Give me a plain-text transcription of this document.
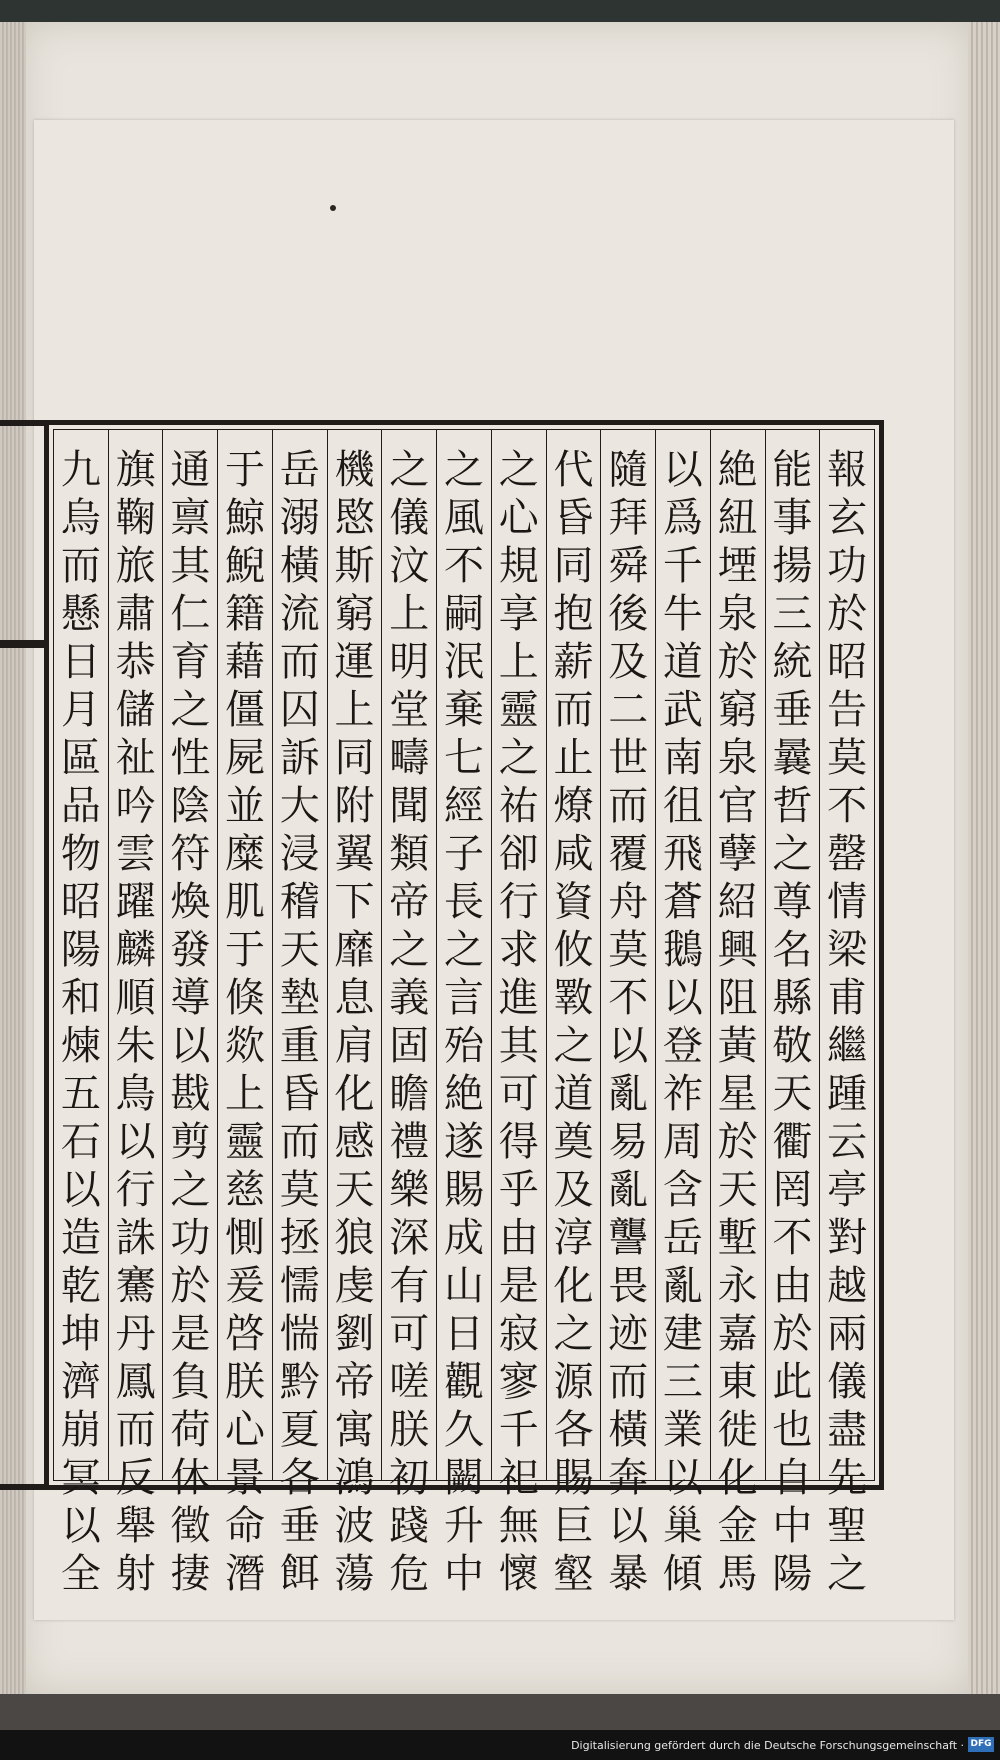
報
玄
功
於
昭
告
莫
不
罄
情
梁
甫
繼
踵
云
亭
對
越
兩
儀
盡
先
聖
之
能
事
揚
三
統
垂
曩
哲
之
尊
名
縣
敬
天
衢
罔
不
由
於
此
也
自
中
陽
絶
紐
堙
泉
於
窮
泉
官
孽
紹
興
阻
黃
星
於
天
塹
永
嘉
東
徙
化
金
馬
以
爲
千
牛
道
武
南
徂
飛
蒼
鵝
以
登
祚
周
含
岳
亂
建
三
業
以
巢
傾
隨
拜
舜
後
及
二
世
而
覆
舟
莫
不
以
亂
易
亂
讋
畏
迹
而
橫
奔
以
暴
代
昏
同
抱
薪
而
止
燎
咸
資
攸
斁
之
道
奠
及
淳
化
之
源
各
賜
巨
壑
之
心
規
享
上
靈
之
祐
卻
行
求
進
其
可
得
乎
由
是
寂
寥
千
祀
無
懷
之
風
不
嗣
泯
棄
七
經
子
長
之
言
殆
絶
遂
賜
成
山
日
觀
久
闕
升
中
之
儀
汶
上
明
堂
疇
聞
類
帝
之
義
固
瞻
禮
樂
深
有
可
嗟
朕
初
踐
危
機
愍
斯
窮
運
上
同
附
翼
下
靡
息
肩
化
感
天
狼
虔
劉
帝
寓
鴻
波
蕩
岳
溺
橫
流
而
囚
訴
大
浸
稽
天
墊
重
昏
而
莫
拯
懦
惴
黔
夏
各
垂
餌
于
鯨
鯢
籍
藉
僵
屍
並
糜
肌
于
倏
欻
上
靈
慈
惻
爰
啓
朕
心
景
命
潛
通
禀
其
仁
育
之
性
陰
符
煥
發
導
以
戡
剪
之
功
於
是
負
荷
休
徵
捿
旗
鞠
旅
肅
恭
儲
祉
吟
雲
躍
麟
順
朱
鳥
以
行
誅
騫
丹
鳳
而
反
舉
射
九
烏
而
懸
日
月
區
品
物
昭
陽
和
煉
五
石
以
造
乾
坤
濟
崩
冥
以
全
Digitalisierung gefördert durch die Deutsche Forschungsgemeinschaft · DFG
